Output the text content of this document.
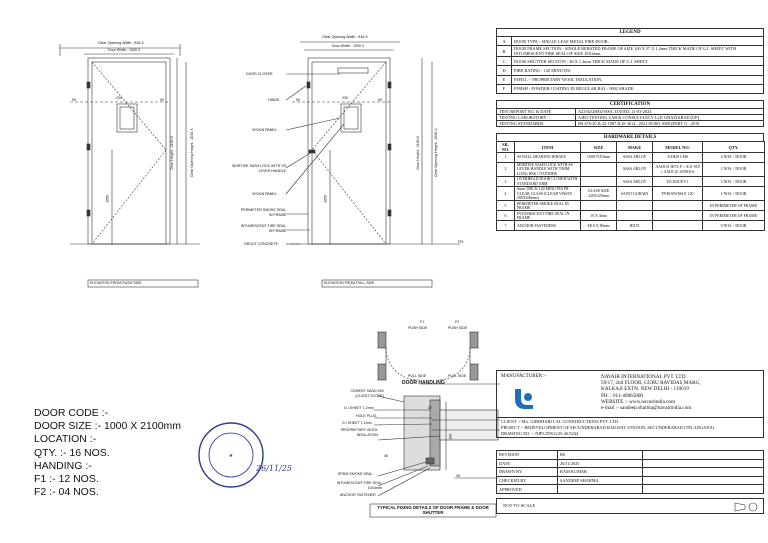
Clear Opening Width : 818 X
Door Width : 1000 X
Clear Opening Width : 818 X
Door Width : 1000 X
230	230
90	90	90	90
1050	1050
Door Height : 2100 X	Clear Opening Height : 2036 X	Door Height : 2100 X	Clear Opening Height : 2036 X
FFL
DOOR CLOSER
HINGE
VISION PANEL
MORTISE SASH LOCK WITH SS LEVER HANDLE
VISION PANEL
PERIMETER SMOKE SEAL IN FRAME
INTUMESCENT FIRE SEAL IN FRAME
GROUT CONCRETE
ELEVATION FROM PUSH SIDE	ELEVATION FROM PULL SIDE
F1
PUSH SIDE
F2
PUSH SIDE
PULL SIDE	PULL SIDE
DOOR HANDLING
CEMENT SAND MIX (CLIENT SCOPE)
G.I SHEET 1.2mm
HOLE PLUG
G.I SHEET 1.2mm
PROPRIETARY WOOL INSULATION
EPDM SMOKE SEAL
INTUMESCENT FIRE SEAL 10X4mm
ANCHOR FASTENER
57
100
46
35
TYPICAL FIXING DETAILS OF DOOR FRAME & DOOR SHUTTER
DOOR CODE :-
DOOR SIZE :- 1000 X 2100mm
LOCATION :-
QTY. :- 16 NOS.
HANDING :-
F1 :- 12 NOS.
F2 :- 04 NOS.
★
26/11/25
LEGEND
A	DOOR TYPE - SINGLE LEAF METAL FIRE DOOR.
B	DOOR FRAME SECTION - SINGLE REBATED FRAME OF SIZE 100 X 57 X 1.2mm THICK MADE OF G.I. SHEET WITH INTUMESCENT FIRE SEAL OF SIZE 10X4mm.
C	DOOR SHUTTER SECTION - 46 X 1.2mm THICK MADE OF G.I. SHEET.
D	FIRE RATING - 120 MINUTES.
E	INFILL :- PROPRIETARY WOOL INSULATION.
F	FINISH - POWDER COATING IN REGULAR RAL : 9002 SHADE.
CERTIFICATION
TEST REPORT NO. & DATE	A23/02/20002-0001, DATED: 21-03-2023
TESTING LABORATORY	AJEO TESTING LAB & CONSULTANCY LLP, GHAZIABAD (UP).
TESTING STANDARDS	BS 476-20 & 22-1987 & IS 3614 : 2021 IS/ISO 3008 (PART 1) : 2019
HARDWARE DETAILS
SR. NO.	ITEM	SIZE	MAKE	MODEL NO.	QTY.
1	SS BALL BEARING HINGES	100X75X3mm	ASSA ABLOY	AAH201-MS	4 NOS. / DOOR
2	MORTISE SASH LOCK WITH SS LEVER HANDLE WITH 70MM LONG BSK CYLINDER		ASSA ABLOY	AAH101 8072-F + A31-018 + AADC16 35NKS-S	1 NOS. / DOOR
3	OVERHEAD DOOR CLOSER WITH STANDARD ARM		ASSA ABLOY	DC105UEV1	1 NOS. / DOOR
4	6mm THICK 120 MINUTES FR CLEAR GLASS (CLEAR VISION 200X200mm)	GLASS SIZE 230X320mm	SAINT GOBAIN	PYROSWISS E 120	1 NOS. / DOOR
5	PERIMETER SMOKE SEAL IN FRAME				IN PERIMETER OF FRAME
6	INTUMESCENT FIRE SEAL IN FRAME	10 X 4mm			IN PERIMETER OF FRAME
7	ANCHOR FASTENERS	M10 X 80mm	HILTI		9 NOS. / DOOR
MANUFACTURER :-	NAVAIR INTERNATIONAL PVT. LTD.
59/17, 2nd FLOOR, GURU RAVIDAS MARG,
KALKAJI EXTN. NEW DELHI - 110019
PH. : 011-46865000
WEBSITE :- www.navairindia.com
e-mail :- sandeep.sharma@navairindia.com
CLIENT :- M/s. GIRDHARI LAL CONSTRUCTIONS PVT. LTD.
PROJECT :- REDEVELOPMENT OF SECUNDERABAD RAILWAY STATION, SECUNDERABAD (TELANGANA).
DRAWING NO. :- NIPL/DWG/25-26/5244
REVISION	R0	
DATE	26/11/2025	
DRAWN BY	RAM KUMAR	
CHECKED BY	SANDEEP SHARMA	
APPROVED		
NOT TO SCALE
